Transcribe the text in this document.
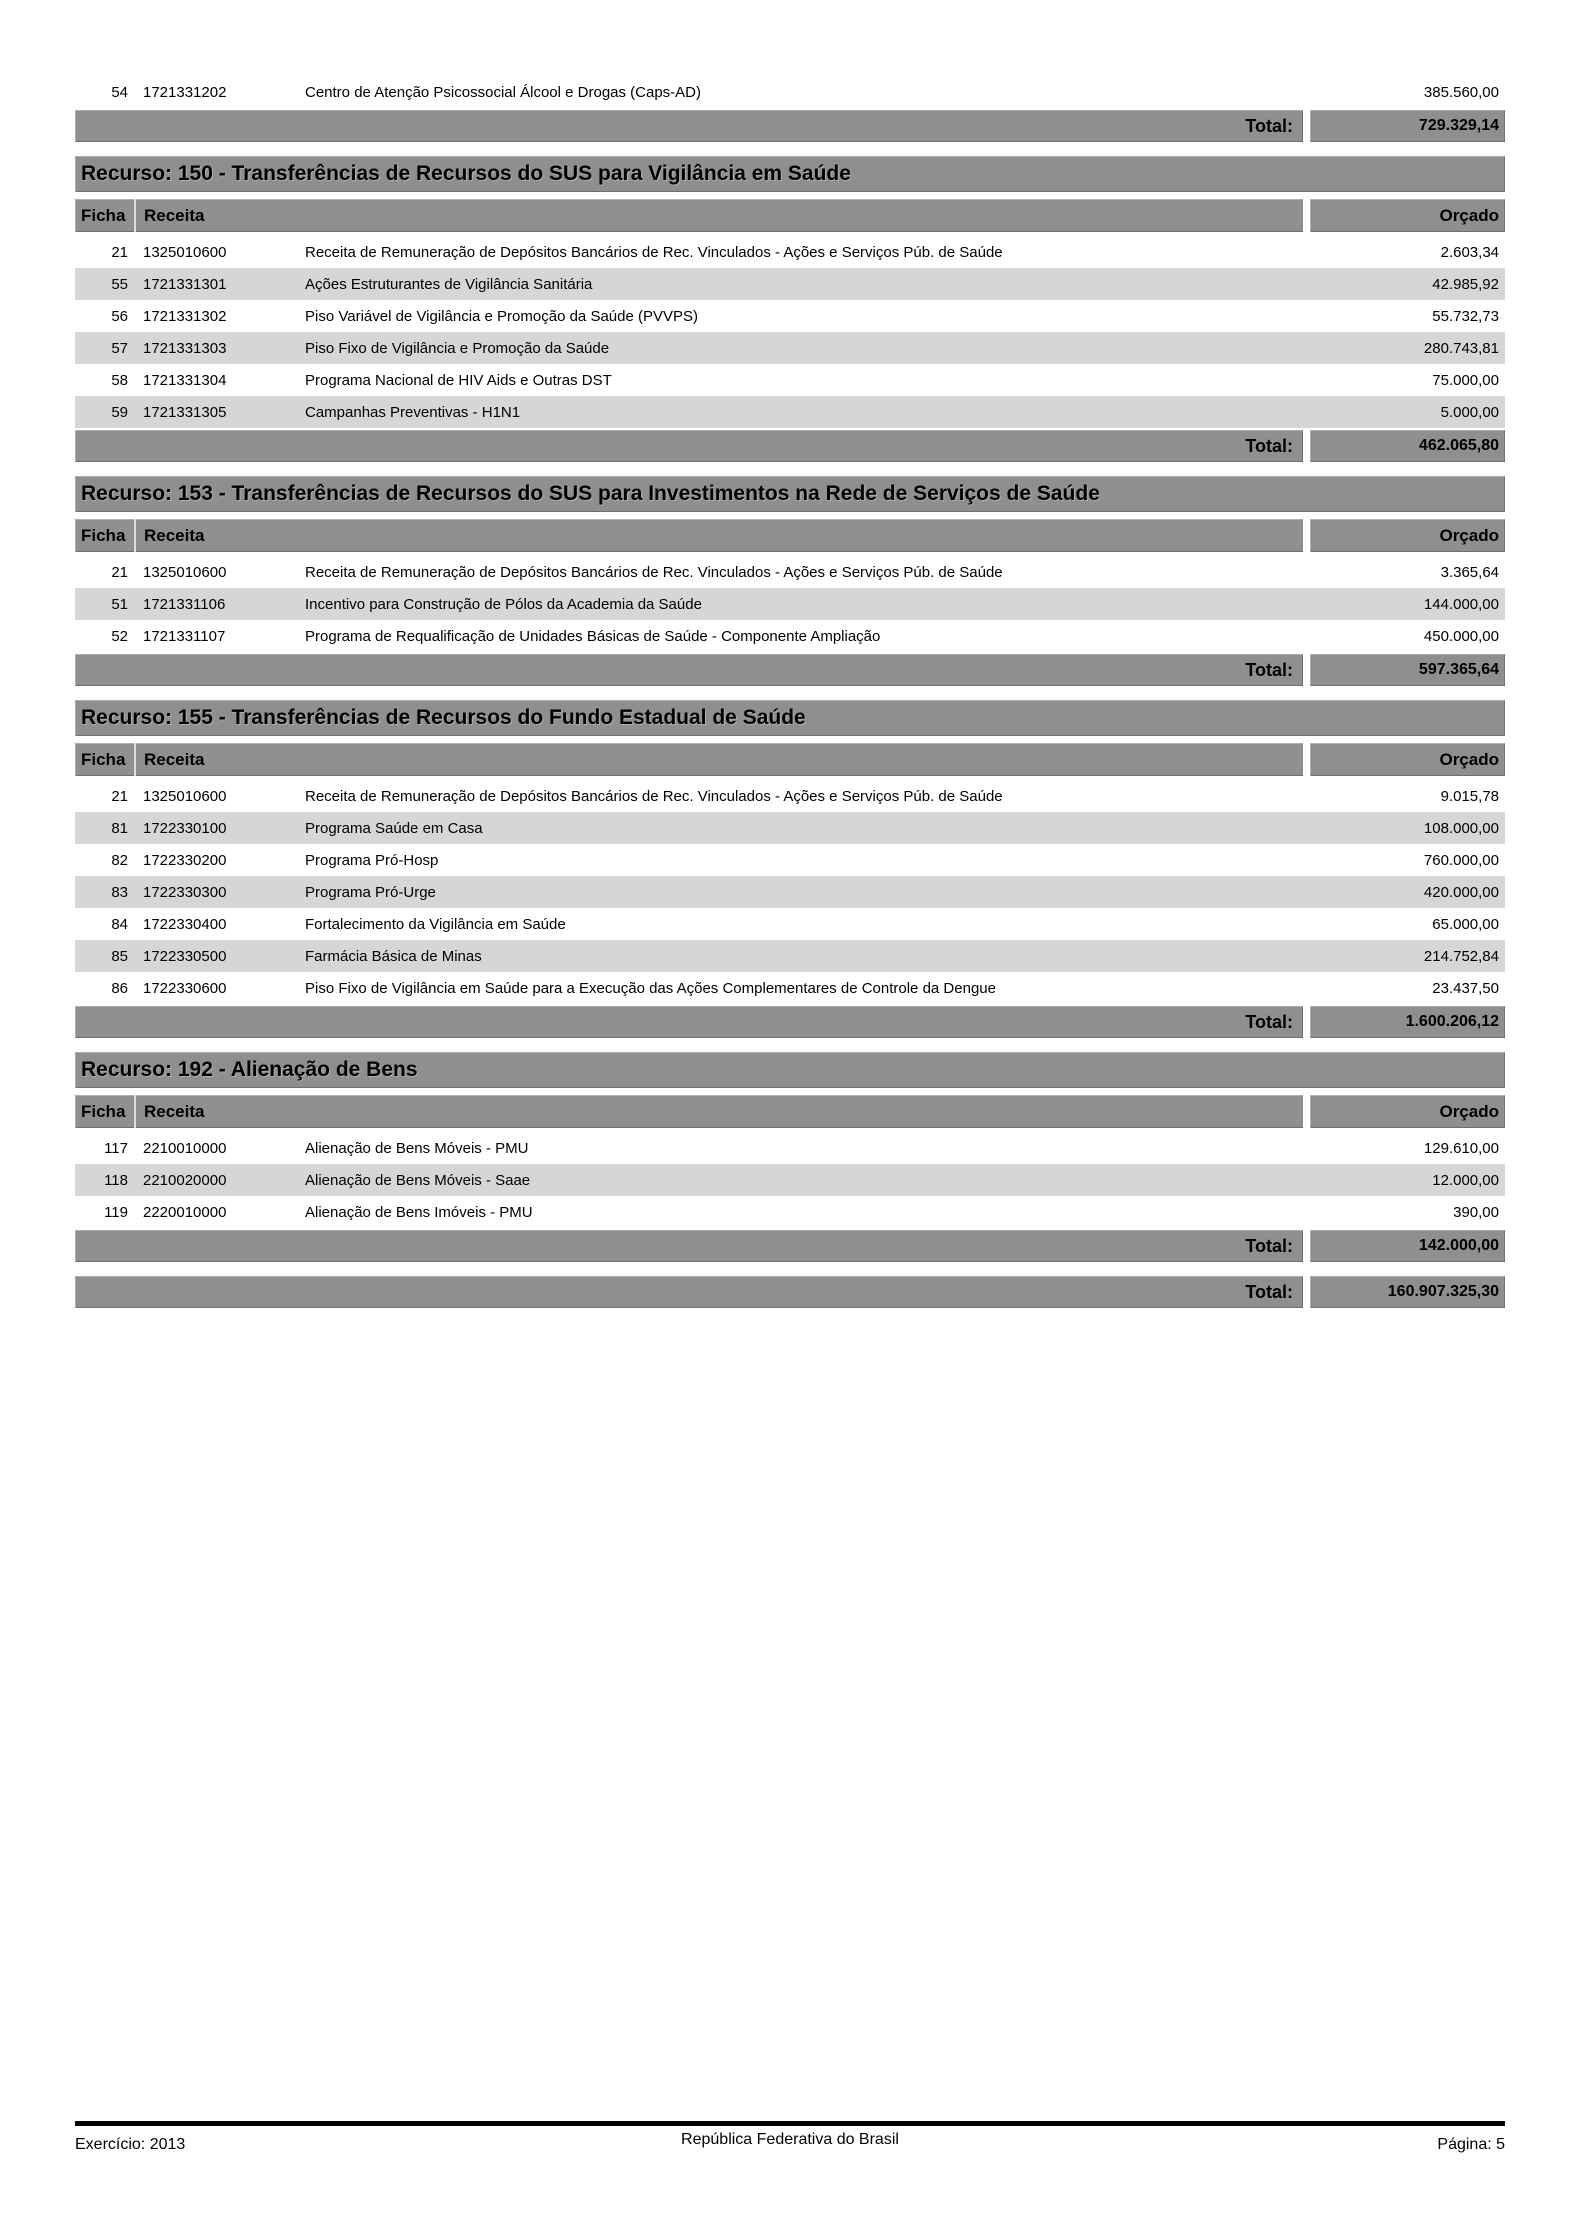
54 1721331202	Centro de Atenção Psicossocial Álcool e Drogas (Caps-AD)	385.560,00
Total:	729.329,14
Recurso: 150 - Transferências de Recursos do SUS para Vigilância em Saúde
Ficha	Receita	Orçado
21 1325010600	Receita de Remuneração de Depósitos Bancários de Rec. Vinculados - Ações e Serviços Púb. de Saúde	2.603,34
55 1721331301	Ações Estruturantes de Vigilância Sanitária	42.985,92
56 1721331302	Piso Variável de Vigilância e Promoção da Saúde (PVVPS)	55.732,73
57 1721331303	Piso Fixo de Vigilância e Promoção da Saúde	280.743,81
58 1721331304	Programa Nacional de HIV Aids e Outras DST	75.000,00
59 1721331305	Campanhas Preventivas - H1N1	5.000,00
Total:	462.065,80
Recurso: 153 - Transferências de Recursos do SUS para Investimentos na Rede de Serviços de Saúde
Ficha	Receita	Orçado
21 1325010600	Receita de Remuneração de Depósitos Bancários de Rec. Vinculados - Ações e Serviços Púb. de Saúde	3.365,64
51 1721331106	Incentivo para Construção de Pólos da Academia da Saúde	144.000,00
52 1721331107	Programa de Requalificação de Unidades Básicas de Saúde - Componente Ampliação	450.000,00
Total:	597.365,64
Recurso: 155 - Transferências de Recursos do Fundo Estadual de Saúde
Ficha	Receita	Orçado
21 1325010600	Receita de Remuneração de Depósitos Bancários de Rec. Vinculados - Ações e Serviços Púb. de Saúde	9.015,78
81 1722330100	Programa Saúde em Casa	108.000,00
82 1722330200	Programa Pró-Hosp	760.000,00
83 1722330300	Programa Pró-Urge	420.000,00
84 1722330400	Fortalecimento da Vigilância em Saúde	65.000,00
85 1722330500	Farmácia Básica de Minas	214.752,84
86 1722330600	Piso Fixo de Vigilância em Saúde para a Execução das Ações Complementares de Controle da Dengue	23.437,50
Total:	1.600.206,12
Recurso: 192 - Alienação de Bens
Ficha	Receita	Orçado
117 2210010000	Alienação de Bens Móveis - PMU	129.610,00
118 2210020000	Alienação de Bens Móveis - Saae	12.000,00
119 2220010000	Alienação de Bens Imóveis - PMU	390,00
Total:	142.000,00
Total:	160.907.325,30
Exercício: 2013	República Federativa do Brasil	Página: 5
